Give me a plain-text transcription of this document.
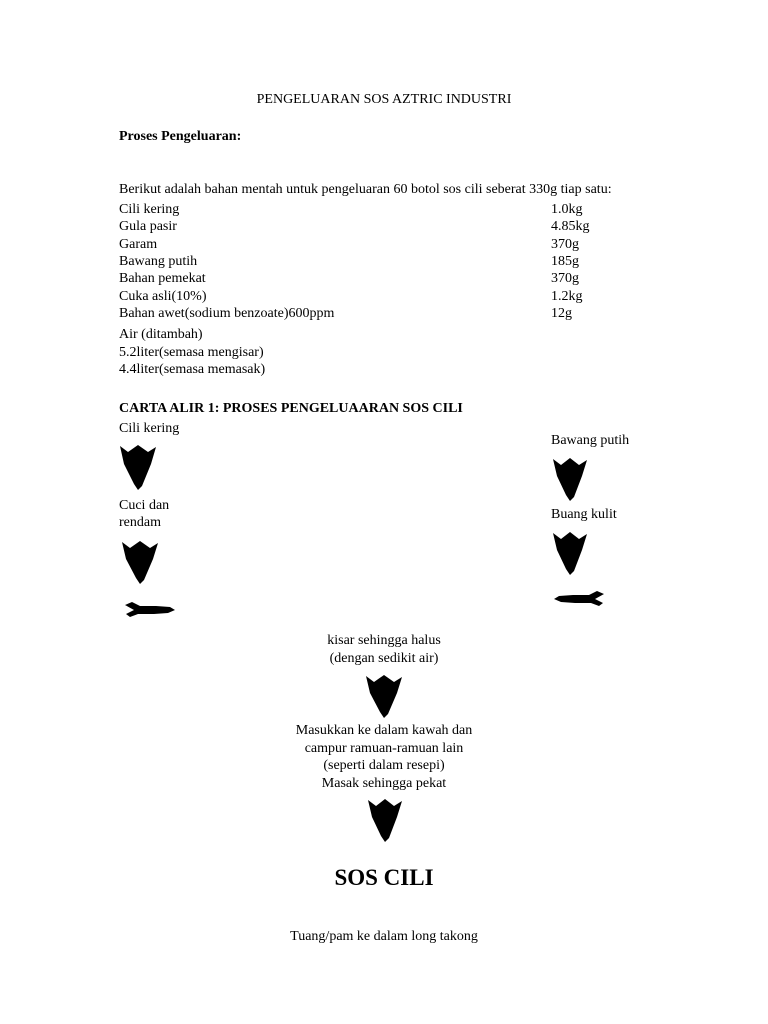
PENGELUARAN SOS AZTRIC INDUSTRI
Proses Pengeluaran:
Berikut adalah bahan mentah untuk pengeluaran 60 botol sos cili seberat 330g tiap satu:
Cili kering	1.0kg
Gula pasir	4.85kg
Garam	370g
Bawang putih	185g
Bahan pemekat	370g
Cuka asli(10%)	1.2kg
Bahan awet(sodium benzoate)600ppm	12g
Air (ditambah)
5.2liter(semasa mengisar)
4.4liter(semasa memasak)
CARTA ALIR 1: PROSES PENGELUAARAN SOS CILI
Cili kering
Cuci dan
rendam
Bawang putih
Buang kulit
kisar sehingga halus
(dengan sedikit air)
Masukkan ke dalam kawah dan
campur ramuan-ramuan lain
(seperti dalam resepi)
Masak sehingga pekat
SOS CILI
Tuang/pam ke dalam long takong
